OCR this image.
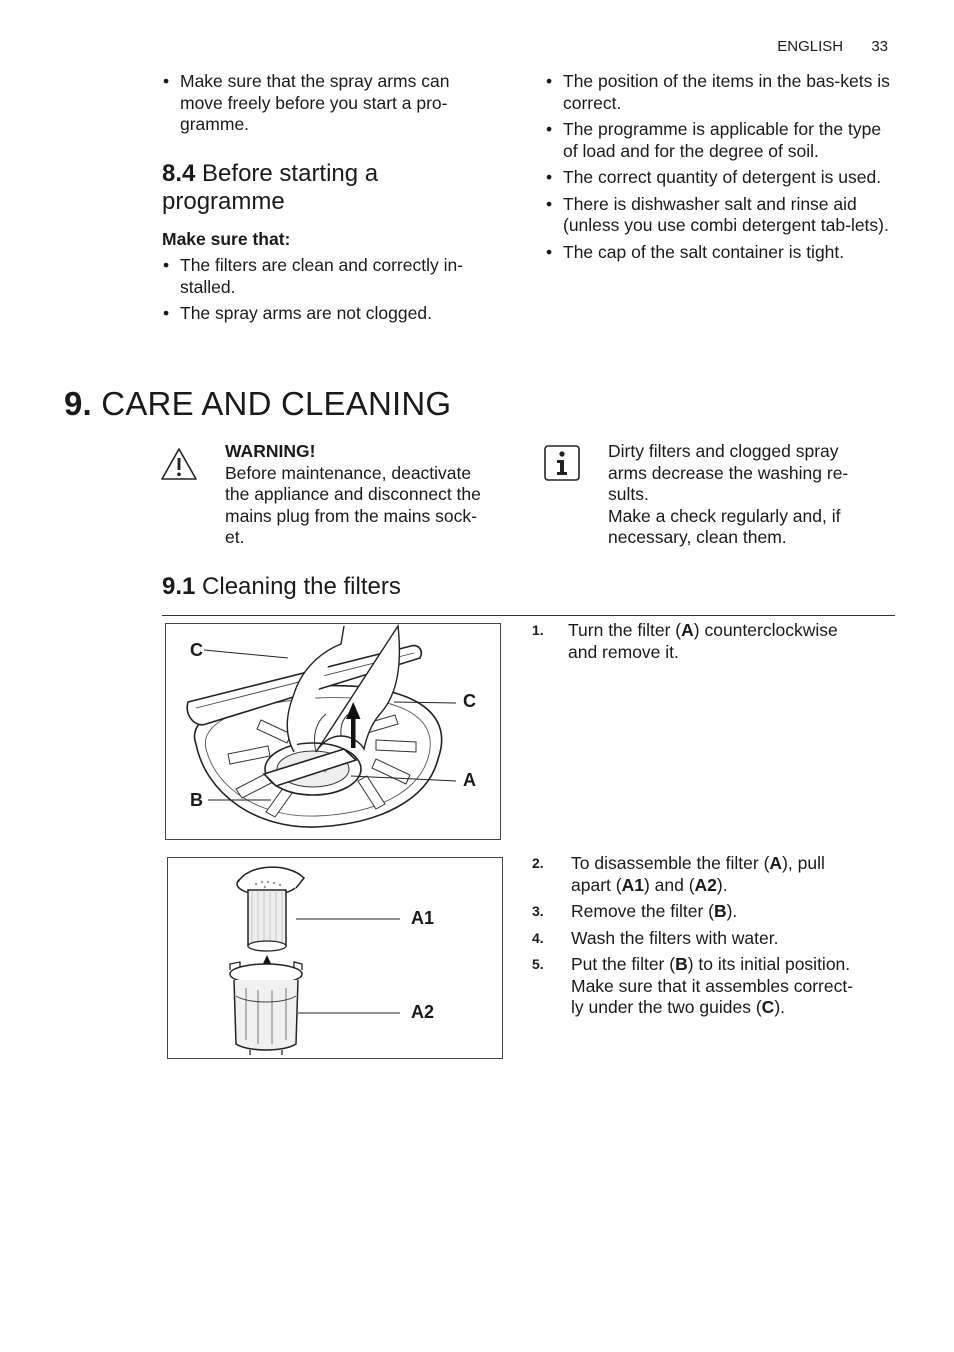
ENGLISH 33
• Make sure that the spray arms can move freely before you start a pro-gramme.
8.4 Before starting a
programme
Make sure that:
• The filters are clean and correctly in-stalled.
• The spray arms are not clogged.
• The position of the items in the bas-kets is correct.
• The programme is applicable for the type of load and for the degree of soil.
• The correct quantity of detergent is used.
• There is dishwasher salt and rinse aid (unless you use combi detergent tab-lets).
• The cap of the salt container is tight.
9. CARE AND CLEANING
WARNING!
Before maintenance, deactivate
the appliance and disconnect the
mains plug from the mains sock-
et.
Dirty filters and clogged spray
arms decrease the washing re-
sults.
Make a check regularly and, if
necessary, clean them.
9.1 Cleaning the filters
C
C
A
B
A1
A2
1. Turn the filter (A) counterclockwise
and remove it.
2. To disassemble the filter (A), pull
apart (A1) and (A2).
3. Remove the filter (B).
4. Wash the filters with water.
5. Put the filter (B) to its initial position.
Make sure that it assembles correct-
ly under the two guides (C).
